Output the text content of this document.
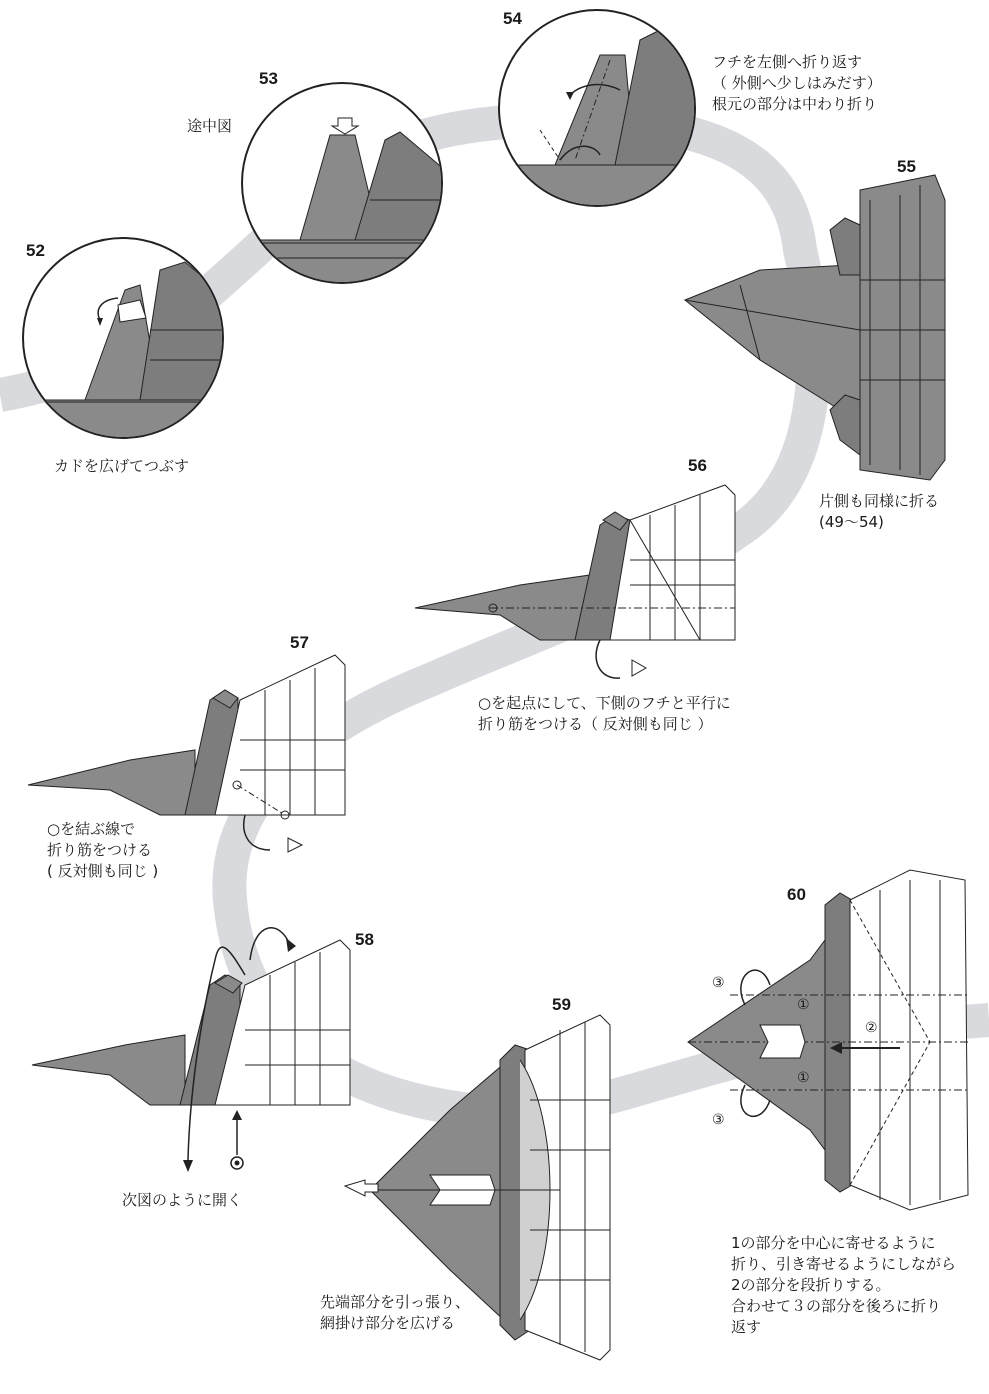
52
53
54
55
56
57
58
59
60
カドを広げてつぶす
途中図
フチを左側へ折り返す
（ 外側へ少しはみだす）
根元の部分は中わり折り
片側も同様に折る
(49～54)
○を起点にして、下側のフチと平行に
折り筋をつける（ 反対側も同じ ）
○を結ぶ線で
折り筋をつける
( 反対側も同じ )
次図のように開く
先端部分を引っ張り、
網掛け部分を広げる
1の部分を中心に寄せるように
折り、引き寄せるようにしながら
2の部分を段折りする。
合わせて３の部分を後ろに折り
返す
③
③
①
①
②
